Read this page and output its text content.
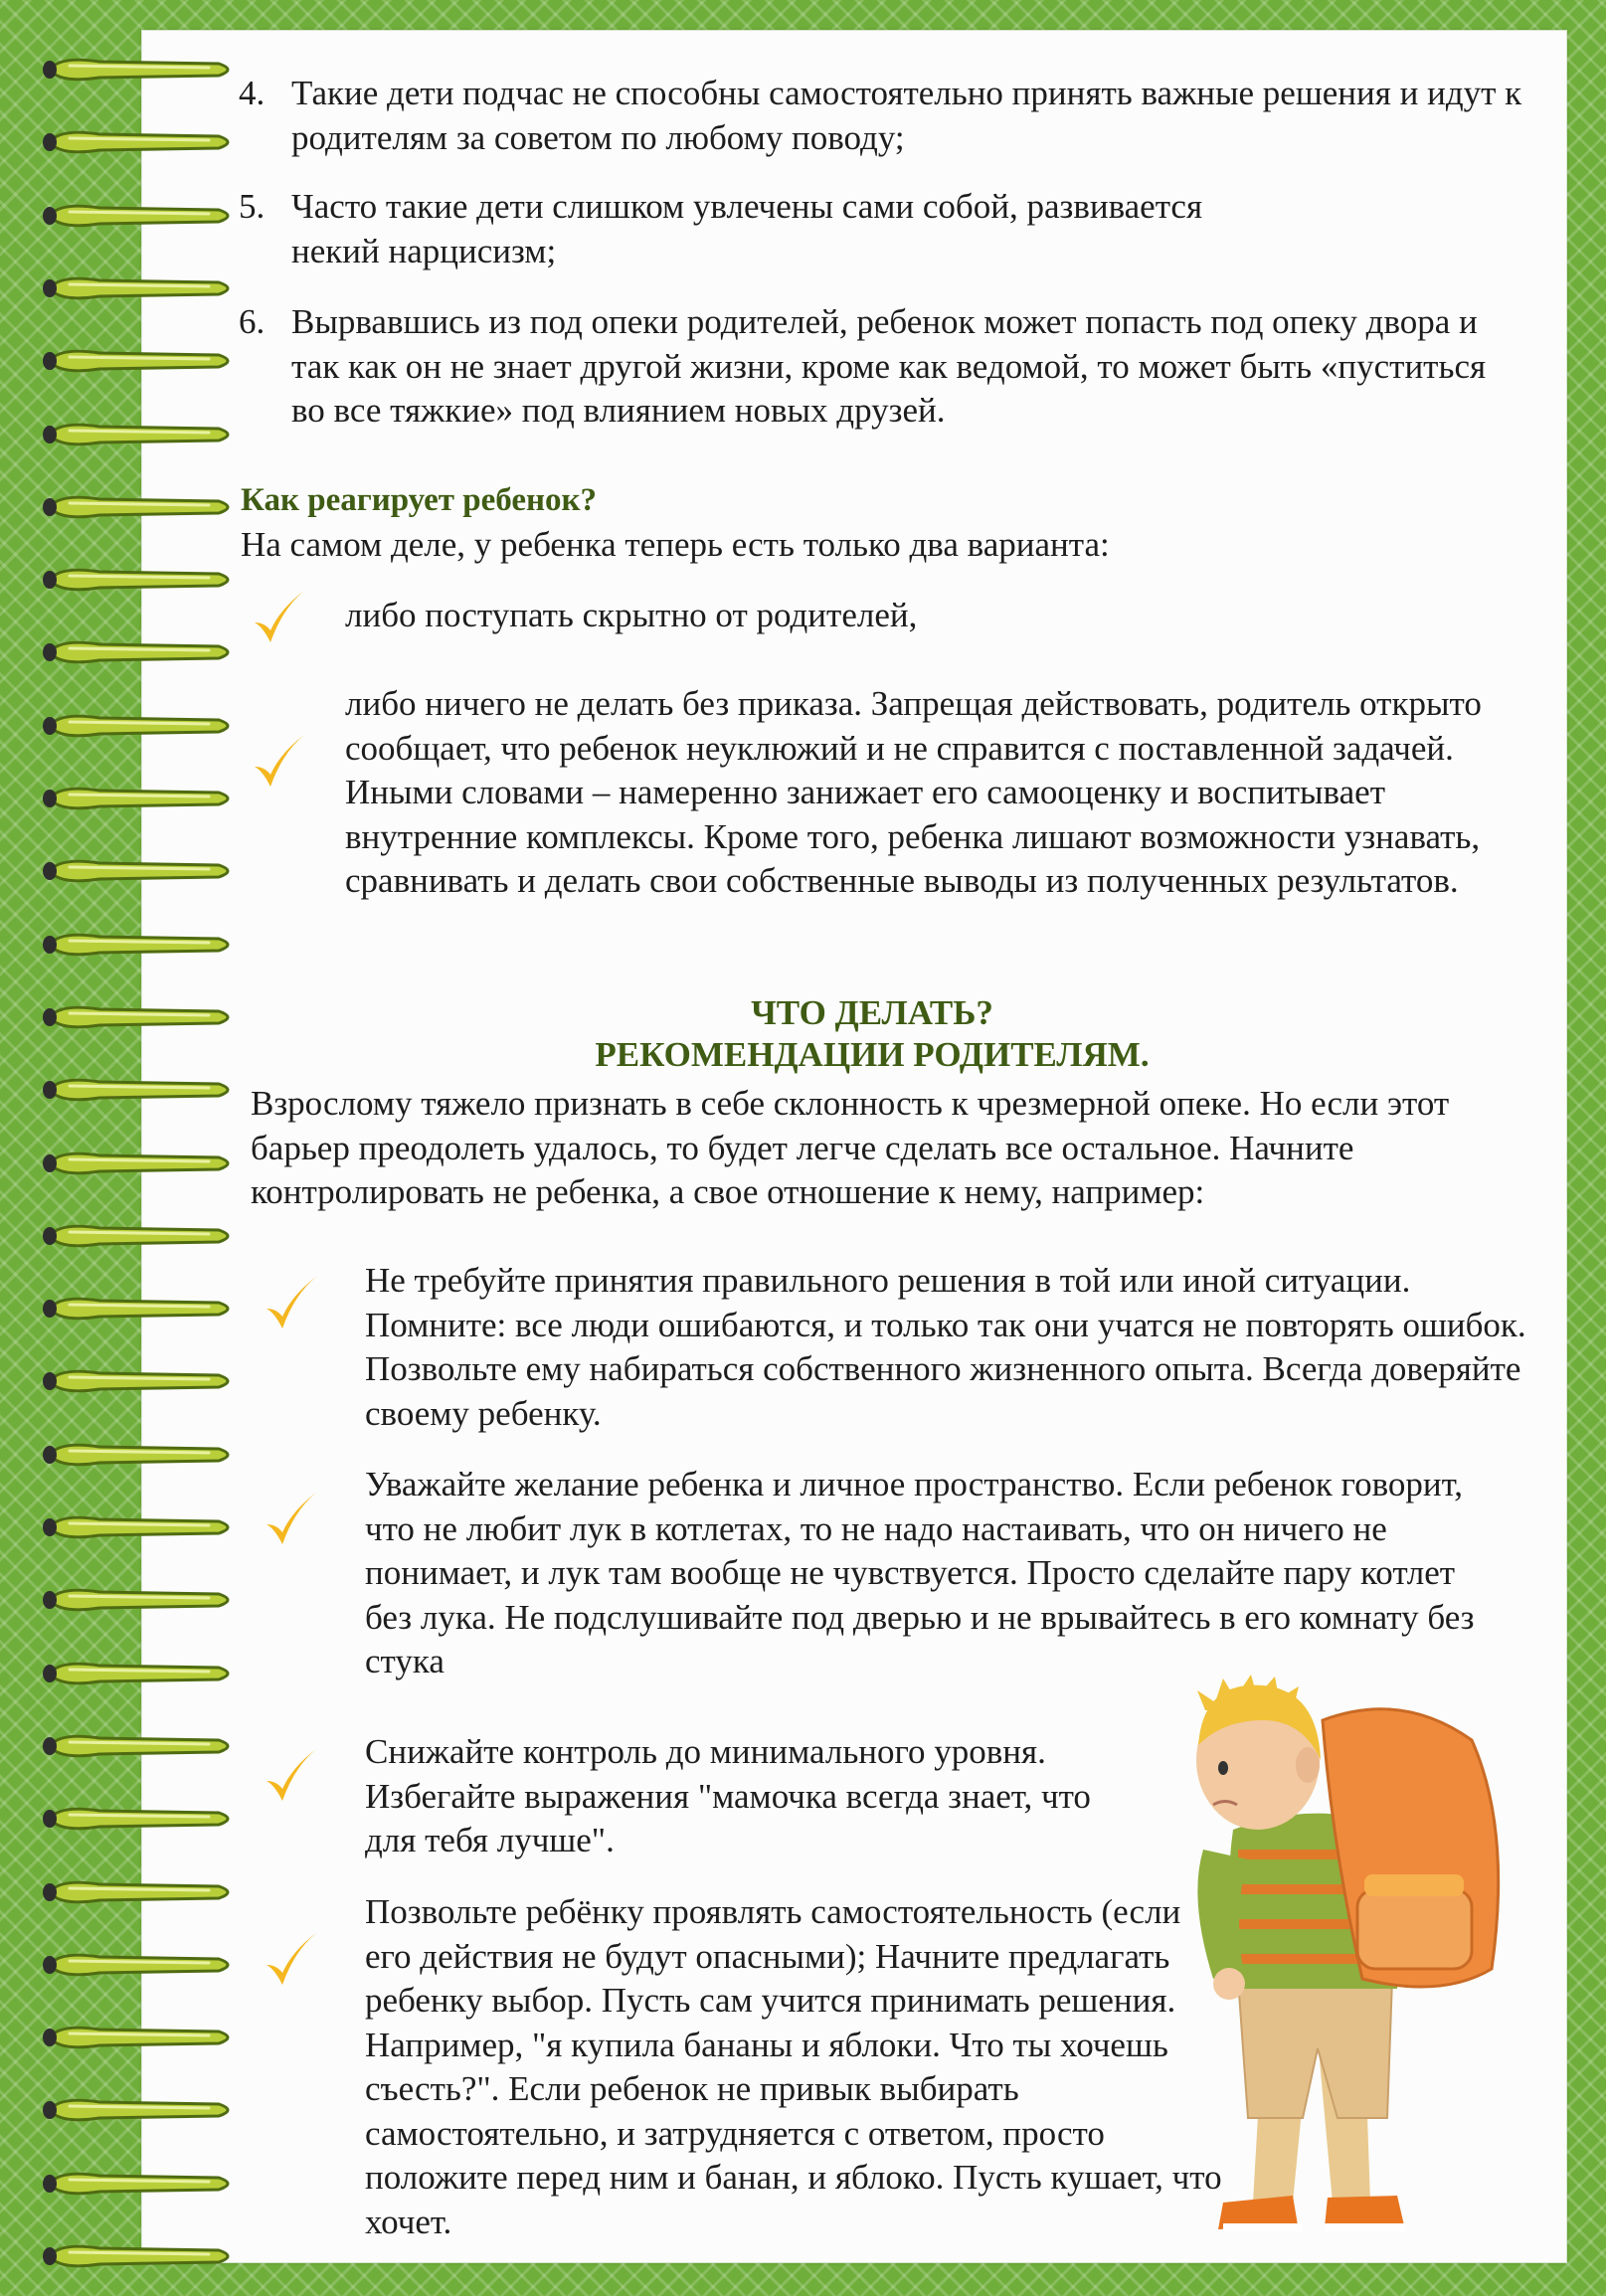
4. Такие дети подчас не способны самостоятельно принять важные решения и идут к родителям за советом по любому поводу;
5. Часто такие дети слишком увлечены сами собой, развивается некий нарцисизм;
6. Вырвавшись из под опеки родителей, ребенок может попасть под опеку двора и так как он не знает другой жизни, кроме как ведомой, то может быть «пуститься во все тяжкие» под влиянием новых друзей.
Как реагирует ребенок?
На самом деле, у ребенка теперь есть только два варианта:
либо поступать скрытно от родителей,
либо ничего не делать без приказа. Запрещая действовать, родитель открыто сообщает, что ребенок неуклюжий и не справится с поставленной задачей. Иными словами – намеренно занижает его самооценку и воспитывает внутренние комплексы. Кроме того, ребенка лишают возможности узнавать, сравнивать и делать свои собственные выводы из полученных результатов.
ЧТО ДЕЛАТЬ?
РЕКОМЕНДАЦИИ РОДИТЕЛЯМ.
Взрослому тяжело признать в себе склонность к чрезмерной опеке. Но если этот барьер преодолеть удалось, то будет легче сделать все остальное. Начните контролировать не ребенка, а свое отношение к нему, например:
Не требуйте принятия правильного решения в той или иной ситуации. Помните: все люди ошибаются, и только так они учатся не повторять ошибок. Позвольте ему набираться собственного жизненного опыта. Всегда доверяйте своему ребенку.
Уважайте желание ребенка и личное пространство. Если ребенок говорит, что не любит лук в котлетах, то не надо настаивать, что он ничего не понимает, и лук там вообще не чувствуется. Просто сделайте пару котлет без лука. Не подслушивайте под дверью и не врывайтесь в его комнату без стука
Снижайте контроль до минимального уровня. Избегайте выражения "мамочка всегда знает, что для тебя лучше".
Позвольте ребёнку проявлять самостоятельность (если его действия не будут опасными); Начните предлагать ребенку выбор. Пусть сам учится принимать решения. Например, "я купила бананы и яблоки. Что ты хочешь съесть?". Если ребенок не привык выбирать самостоятельно, и затрудняется с ответом, просто положите перед ним и банан, и яблоко. Пусть кушает, что хочет.
